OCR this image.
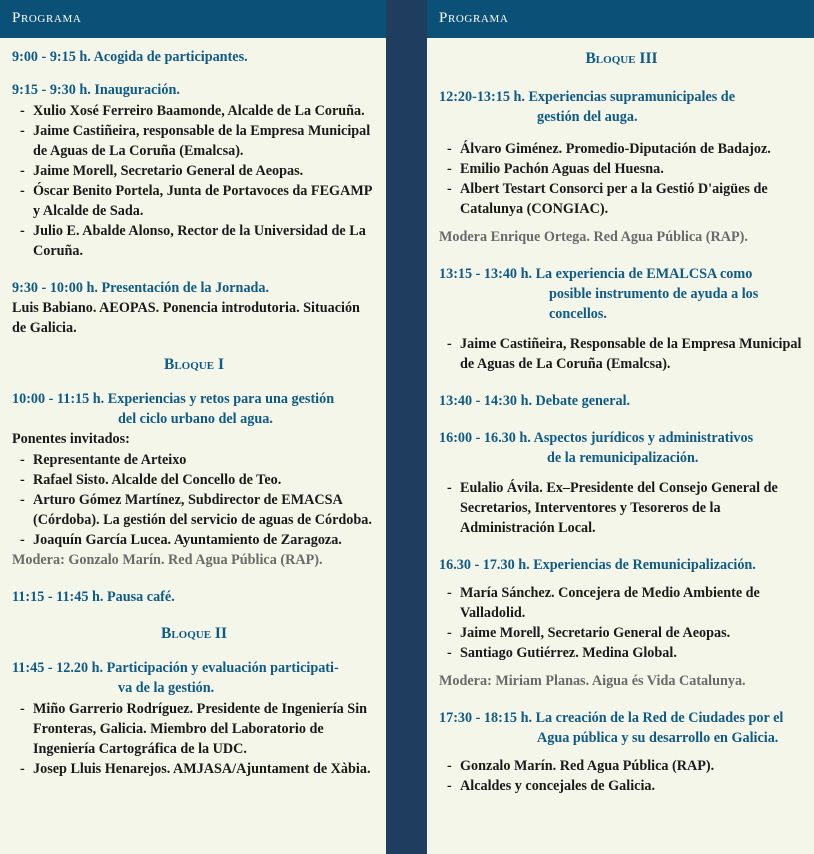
Programa
9:00 - 9:15 h. Acogida de participantes.
9:15 - 9:30 h. Inauguración.
- Xulio Xosé Ferreiro Baamonde, Alcalde de La Coruña.
- Jaime Castiñeira, responsable de la Empresa Municipal de Aguas de La Coruña (Emalcsa).
- Jaime Morell, Secretario General de Aeopas.
- Óscar Benito Portela, Junta de Portavoces da FEGAMP y Alcalde de Sada.
- Julio E. Abalde Alonso, Rector de la Universidad de La Coruña.
9:30 - 10:00 h. Presentación de la Jornada.
Luis Babiano. AEOPAS. Ponencia introdutoria. Situación de Galicia.
Bloque I
10:00 - 11:15 h. Experiencias y retos para una gestión
del ciclo urbano del agua.
Ponentes invitados:
- Representante de Arteixo
- Rafael Sisto. Alcalde del Concello de Teo.
- Arturo Gómez Martínez, Subdirector de EMACSA (Córdoba). La gestión del servicio de aguas de Córdoba.
- Joaquín García Lucea. Ayuntamiento de Zaragoza.
Modera: Gonzalo Marín. Red Agua Pública (RAP).
11:15 - 11:45 h. Pausa café.
Bloque II
11:45 - 12.20 h. Participación y evaluación participati-
va de la gestión.
- Miño Garrerio Rodríguez. Presidente de Ingeniería Sin Fronteras, Galicia. Miembro del Laboratorio de Ingeniería Cartográfica de la UDC.
- Josep Lluis Henarejos. AMJASA/Ajuntament de Xàbia.
Programa
Bloque III
12:20-13:15 h. Experiencias supramunicipales de
gestión del auga.
- Álvaro Giménez. Promedio-Diputación de Badajoz.
- Emilio Pachón Aguas del Huesna.
- Albert Testart Consorci per a la Gestió D'aigües de Catalunya (CONGIAC).
Modera Enrique Ortega. Red Agua Pública (RAP).
13:15 - 13:40 h. La experiencia de EMALCSA como
posible instrumento de ayuda a los
concellos.
- Jaime Castiñeira, Responsable de la Empresa Municipal de Aguas de La Coruña (Emalcsa).
13:40 - 14:30 h. Debate general.
16:00 - 16.30 h. Aspectos jurídicos y administrativos
de la remunicipalización.
- Eulalio Ávila. Ex–Presidente del Consejo General de Secretarios, Interventores y Tesoreros de la Administración Local.
16.30 - 17.30 h. Experiencias de Remunicipalización.
- María Sánchez. Concejera de Medio Ambiente de Valladolid.
- Jaime Morell, Secretario General de Aeopas.
- Santiago Gutiérrez. Medina Global.
Modera: Miriam Planas. Aigua és Vida Catalunya.
17:30 - 18:15 h. La creación de la Red de Ciudades por el
Agua pública y su desarrollo en Galicia.
- Gonzalo Marín. Red Agua Pública (RAP).
- Alcaldes y concejales de Galicia.
